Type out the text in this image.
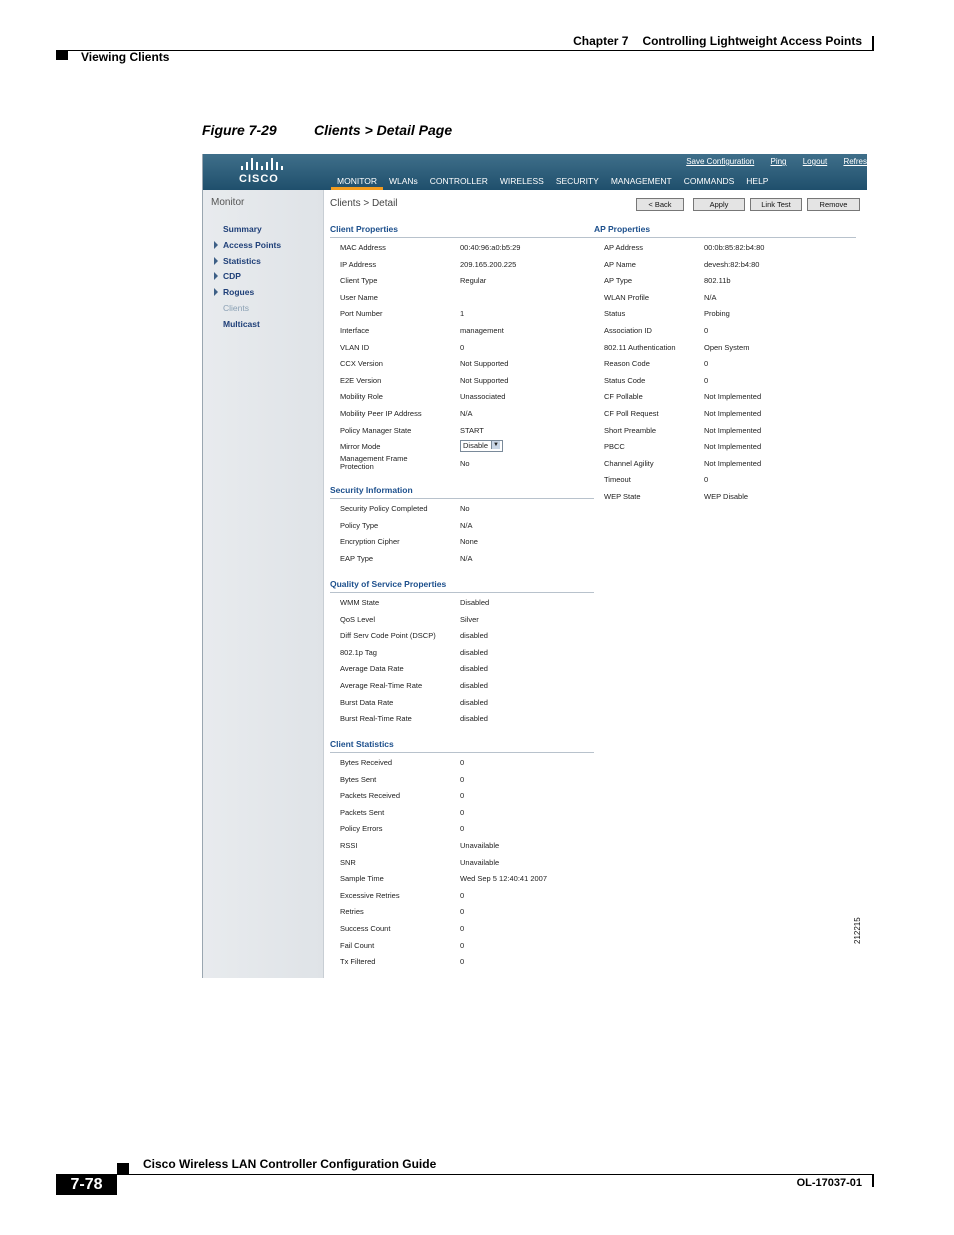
Chapter 7 Controlling Lightweight Access Points
Viewing Clients
Figure 7-29	Clients > Detail Page
CISCO
Save Configuration Ping Logout Refres
MONITOR	WLANs	CONTROLLER	WIRELESS	SECURITY	MANAGEMENT	COMMANDS	HELP
Monitor
Summary
Access Points
Statistics
CDP
Rogues
Clients
Multicast
Clients > Detail	< Back	Apply	Link Test	Remove
Client Properties
MAC Address	00:40:96:a0:b5:29
IP Address	209.165.200.225
Client Type	Regular
User Name
Port Number	1
Interface	management
VLAN ID	0
CCX Version	Not Supported
E2E Version	Not Supported
Mobility Role	Unassociated
Mobility Peer IP Address	N/A
Policy Manager State	START
Mirror Mode	Disable ▼
Management Frame Protection	No
Security Information
Security Policy Completed	No
Policy Type	N/A
Encryption Cipher	None
EAP Type	N/A
Quality of Service Properties
WMM State	Disabled
QoS Level	Silver
Diff Serv Code Point (DSCP)	disabled
802.1p Tag	disabled
Average Data Rate	disabled
Average Real-Time Rate	disabled
Burst Data Rate	disabled
Burst Real-Time Rate	disabled
Client Statistics
Bytes Received	0
Bytes Sent	0
Packets Received	0
Packets Sent	0
Policy Errors	0
RSSI	Unavailable
SNR	Unavailable
Sample Time	Wed Sep 5 12:40:41 2007
Excessive Retries	0
Retries	0
Success Count	0
Fail Count	0
Tx Filtered	0
AP Properties
AP Address	00:0b:85:82:b4:80
AP Name	devesh:82:b4:80
AP Type	802.11b
WLAN Profile	N/A
Status	Probing
Association ID	0
802.11 Authentication	Open System
Reason Code	0
Status Code	0
CF Pollable	Not Implemented
CF Poll Request	Not Implemented
Short Preamble	Not Implemented
PBCC	Not Implemented
Channel Agility	Not Implemented
Timeout	0
WEP State	WEP Disable
212215
Cisco Wireless LAN Controller Configuration Guide
7-78	OL-17037-01
